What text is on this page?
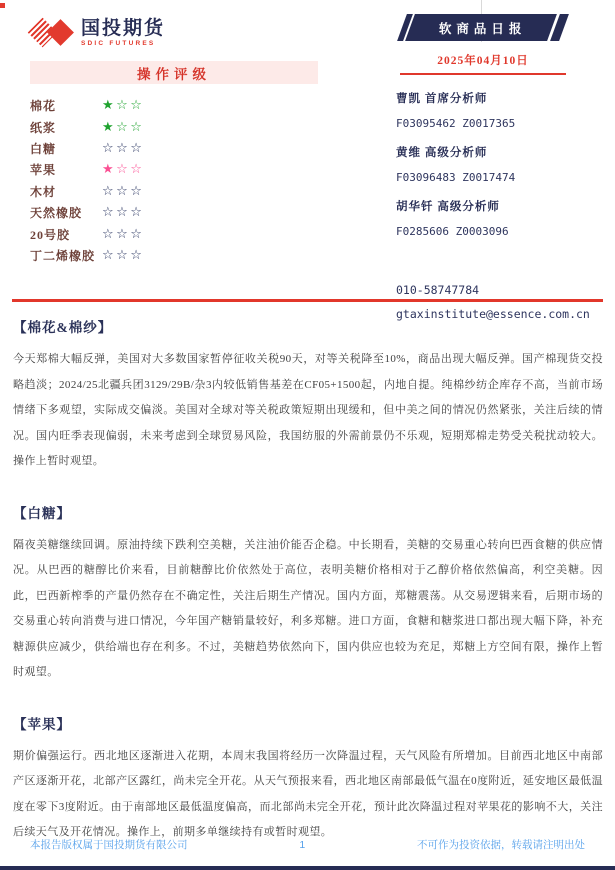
国投期货
SDIC FUTURES
软商品日报
2025年04月10日
操作评级
棉花	★☆☆
纸浆	★☆☆
白糖	☆☆☆
苹果	★☆☆
木材	☆☆☆
天然橡胶	☆☆☆
20号胶	☆☆☆
丁二烯橡胶 ☆☆☆
曹凯 首席分析师
F03095462 Z0017365
黄维 高级分析师
F03096483 Z0017474
胡华钎 高级分析师
F0285606 Z0003096
010-58747784
gtaxinstitute@essence.com.cn
【棉花&棉纱】
今天郑棉大幅反弹，美国对大多数国家暂停征收关税90天，对等关税降至10%，商品出现大幅反弹。国产棉现货交投略趋淡；2024/25北疆兵团3129/29B/杂3内较低销售基差在CF05+1500起，内地自提。纯棉纱纺企库存不高，当前市场情绪下多观望，实际成交偏淡。美国对全球对等关税政策短期出现缓和，但中美之间的情况仍然紧张，关注后续的情况。国内旺季表现偏弱，未来考虑到全球贸易风险，我国纺服的外需前景仍不乐观，短期郑棉走势受关税扰动较大。操作上暂时观望。
【白糖】
隔夜美糖继续回调。原油持续下跌利空美糖，关注油价能否企稳。中长期看，美糖的交易重心转向巴西食糖的供应情况。从巴西的糖醇比价来看，目前糖醇比价依然处于高位，表明美糖价格相对于乙醇价格依然偏高，利空美糖。因此，巴西新榨季的产量仍然存在不确定性，关注后期生产情况。国内方面，郑糖震荡。从交易逻辑来看，后期市场的交易重心转向消费与进口情况，今年国产糖销量较好，利多郑糖。进口方面，食糖和糖浆进口都出现大幅下降，补充糖源供应减少，供给端也存在利多。不过，美糖趋势依然向下，国内供应也较为充足，郑糖上方空间有限，操作上暂时观望。
【苹果】
期价偏强运行。西北地区逐渐进入花期，本周末我国将经历一次降温过程，天气风险有所增加。目前西北地区中南部产区逐渐开花，北部产区露红，尚未完全开花。从天气预报来看，西北地区南部最低气温在0度附近，延安地区最低温度在零下3度附近。由于南部地区最低温度偏高，而北部尚未完全开花，预计此次降温过程对苹果花的影响不大，关注后续天气及开花情况。操作上，前期多单继续持有或暂时观望。
本报告版权属于国投期货有限公司	1	不可作为投资依据，转载请注明出处
